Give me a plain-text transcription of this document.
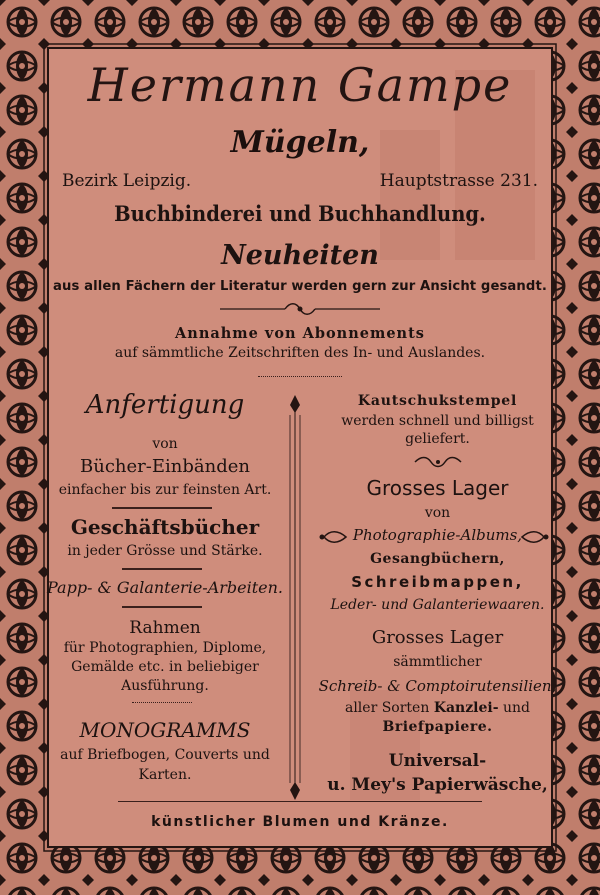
Hermann Gampe
Mügeln,
Bezirk Leipzig.	Hauptstrasse 231.
Buchbinderei und Buchhandlung.
Neuheiten
aus allen Fächern der Literatur werden gern zur Ansicht gesandt.
Annahme von Abonnements
auf sämmtliche Zeitschriften des In- und Auslandes.
Anfertigung
von
Bücher-Einbänden
einfacher bis zur feinsten Art.
Geschäftsbücher
in jeder Grösse und Stärke.
Papp- & Galanterie-Arbeiten.
Rahmen
für Photographien, Diplome,
Gemälde etc. in beliebiger
Ausführung.
MONOGRAMMS
auf Briefbogen, Couverts und
Karten.
Kautschukstempel
werden schnell und billigst
geliefert.
Grosses Lager
von
Photographie-Albums,
Gesangbüchern,
Schreibmappen,
Leder- und Galanteriewaaren.
Grosses Lager
sämmtlicher
Schreib- & Comptoirutensilien,
aller Sorten Kanzlei- und
Briefpapiere.
Universal-
u. Mey's Papierwäsche,
künstlicher Blumen und Kränze.
